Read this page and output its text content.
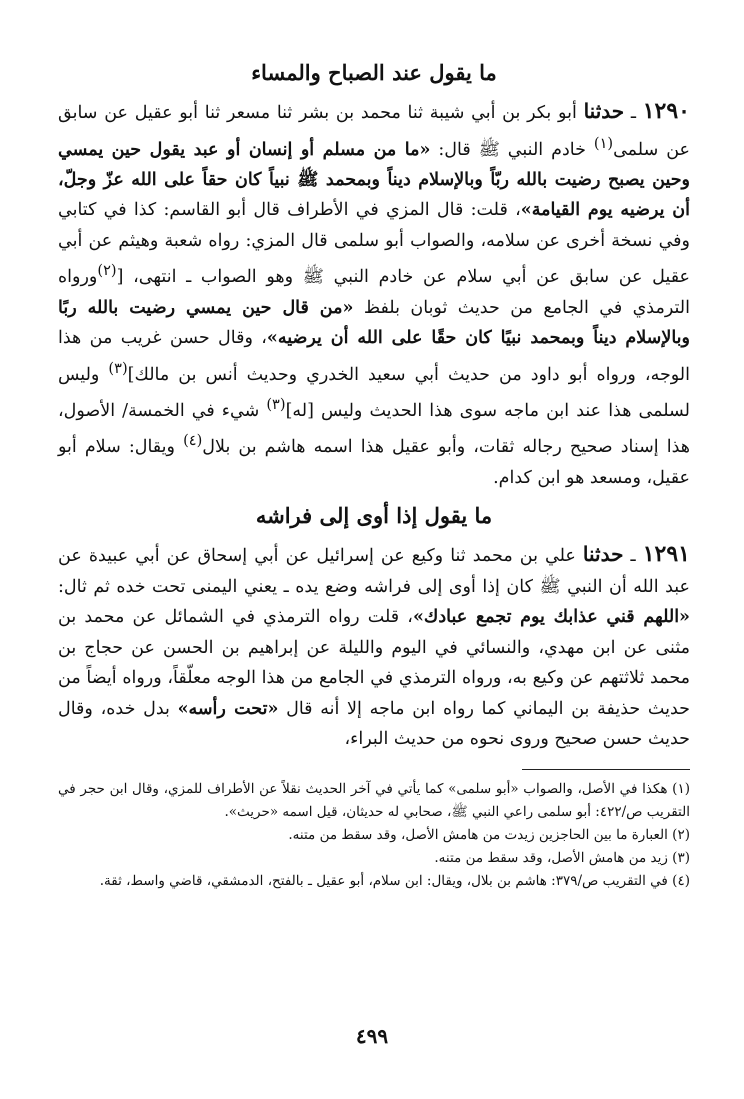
ما يقول عند الصباح والمساء

١٢٩٠ ـ حدثنا أبو بكر بن أبي شيبة ثنا محمد بن بشر ثنا مسعر ثنا أبو عقيل عن سابق عن سلمى$^{(١)}$ خادم النبي ﷺ قال: «ما من مسلم أو إنسان أو عبد يقول حين يمسي وحين يصبح رضيت بالله ربّاً وبالإسلام ديناً وبمحمد ﷺ نبياً كان حقاً على الله عزّ وجلّ، أن يرضيه يوم القيامة»، قلت: قال المزي في الأطراف قال أبو القاسم: كذا في كتابي وفي نسخة أخرى عن سلامه، والصواب أبو سلمى قال المزي: رواه شعبة وهيثم عن أبي عقيل عن سابق عن أبي سلام عن خادم النبي ﷺ وهو الصواب ـ انتهى، [$^{(٢)}$ورواه الترمذي في الجامع من حديث ثوبان بلفظ «من قال حين يمسي رضيت بالله ربًا وبالإسلام ديناً وبمحمد نبيًا كان حقًا على الله أن يرضيه»، وقال حسن غريب من هذا الوجه، ورواه أبو داود من حديث أبي سعيد الخدري وحديث أنس بن مالك]$^{(٣)}$ وليس لسلمى هذا عند ابن ماجه سوى هذا الحديث وليس [له]$^{(٣)}$ شيء في الخمسة/ الأصول، هذا إسناد صحيح رجاله ثقات، وأبو عقيل هذا اسمه هاشم بن بلال$^{(٤)}$ ويقال: سلام أبو عقيل، ومسعد هو ابن كدام.

ما يقول إذا أوى إلى فراشه

١٢٩١ ـ حدثنا علي بن محمد ثنا وكيع عن إسرائيل عن أبي إسحاق عن أبي عبيدة عن عبد الله أن النبي ﷺ كان إذا أوى إلى فراشه وضع يده ـ يعني اليمنى تحت خده ثم ثال: «اللهم قني عذابك يوم تجمع عبادك»، قلت رواه الترمذي في الشمائل عن محمد بن مثنى عن ابن مهدي، والنسائي في اليوم والليلة عن إبراهيم بن الحسن عن حجاج بن محمد ثلاثتهم عن وكيع به، ورواه الترمذي في الجامع من هذا الوجه معلّقاً، ورواه أيضاً من حديث حذيفة بن اليماني كما رواه ابن ماجه إلا أنه قال «تحت رأسه» بدل خده، وقال حديث حسن صحيح وروى نحوه من حديث البراء،

(١) هكذا في الأصل، والصواب «أبو سلمى» كما يأتي في آخر الحديث نقلاً عن الأطراف للمزي، وقال ابن حجر في التقريب ص/٤٢٢: أبو سلمى راعي النبي ﷺ، صحابي له حديثان، قيل اسمه «حريث».

(٢) العبارة ما بين الحاجزين زيدت من هامش الأصل، وقد سقط من متنه.

(٣) زيد من هامش الأصل، وقد سقط من متنه.

(٤) في التقريب ص/٣٧٩: هاشم بن بلال، ويقال: ابن سلام، أبو عقيل ـ بالفتح، الدمشقي، قاضي واسط، ثقة.

٤٩٩
